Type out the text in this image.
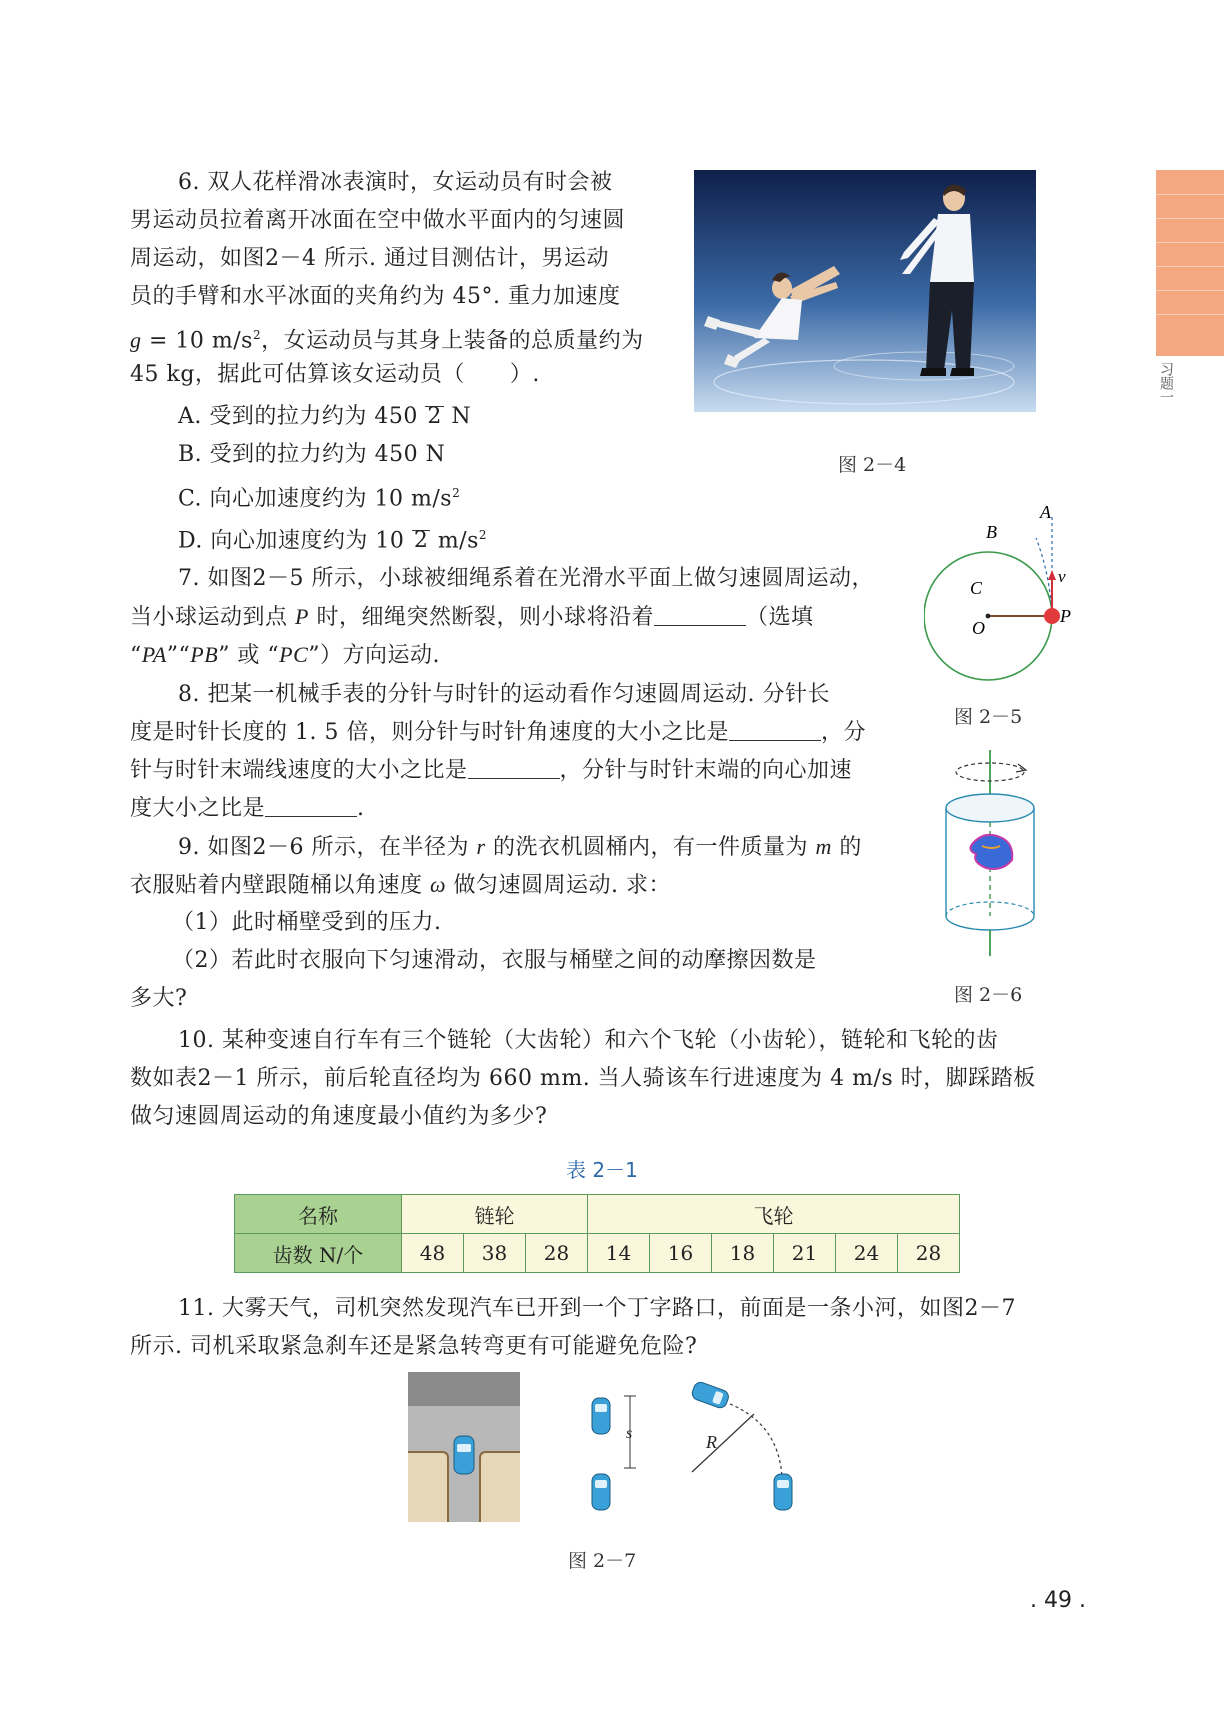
习题一
6. 双人花样滑冰表演时，女运动员有时会被
男运动员拉着离开冰面在空中做水平面内的匀速圆
周运动，如图2－4 所示. 通过目测估计，男运动
员的手臂和水平冰面的夹角约为 45°. 重力加速度
g = 10 $m/s^2$，女运动员与其身上装备的总质量约为
45 kg，据此可估算该女运动员（　　）.
A. 受到的拉力约为 450 2 N
B. 受到的拉力约为 450 N
C. 向心加速度约为 10 $m/s^2$
D. 向心加速度约为 10 2 $m/s^2$
图 2－4
7. 如图2－5 所示，小球被细绳系着在光滑水平面上做匀速圆周运动，
当小球运动到点 P 时，细绳突然断裂，则小球将沿着	（选填
“PA”“PB” 或 “PC”）方向运动.
A
B
C
O
P
v
图 2－5
8. 把某一机械手表的分针与时针的运动看作匀速圆周运动. 分针长
度是时针长度的 1. 5 倍，则分针与时针角速度的大小之比是	，分
针与时针末端线速度的大小之比是	，分针与时针末端的向心加速
度大小之比是	.
图 2－6
9. 如图2－6 所示，在半径为 r 的洗衣机圆桶内，有一件质量为 m 的
衣服贴着内壁跟随桶以角速度 ω 做匀速圆周运动. 求：
（1）此时桶壁受到的压力.
（2）若此时衣服向下匀速滑动，衣服与桶壁之间的动摩擦因数是
多大?
10. 某种变速自行车有三个链轮（大齿轮）和六个飞轮（小齿轮），链轮和飞轮的齿
数如表2－1 所示，前后轮直径均为 660 mm. 当人骑该车行进速度为 4 m/s 时，脚踩踏板
做匀速圆周运动的角速度最小值约为多少?
表 2－1
名称	链轮			飞轮					
齿数 N/个	48	38	28	14	16	18	21	24	28
11. 大雾天气，司机突然发现汽车已开到一个丁字路口，前面是一条小河，如图2－7
所示. 司机采取紧急刹车还是紧急转弯更有可能避免危险?
s	R
图 2－7
. 49 .
